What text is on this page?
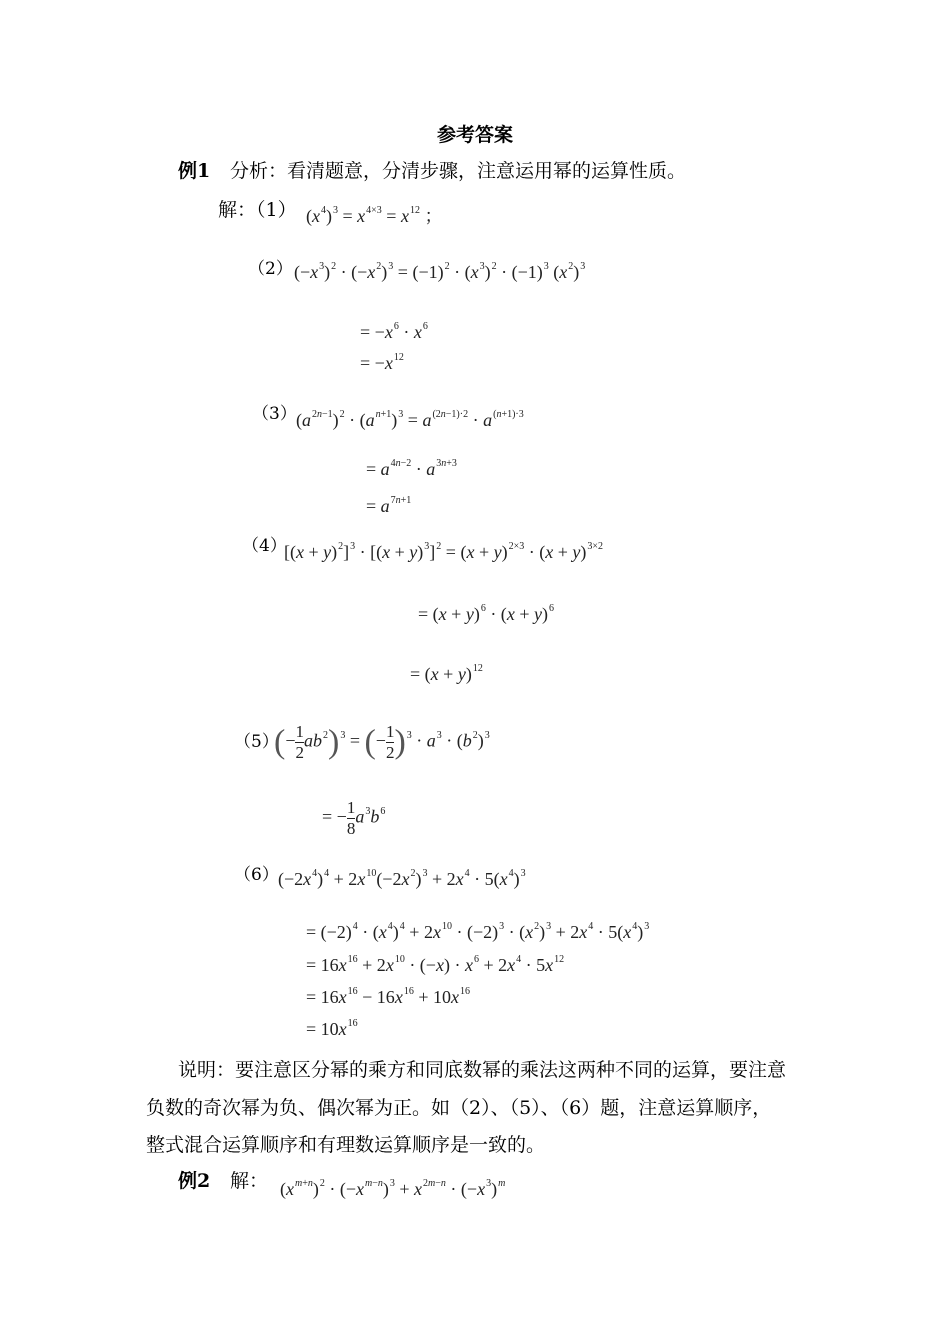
参考答案
例1 分析：看清题意，分清步骤，注意运用幂的运算性质。
解：（1） $(x^4)^3 = x^{4\times 3} = x^{12}$ ；
（2） $(-x^3)^2 \cdot (-x^2)^3 = (-1)^2 \cdot (x^3)^2 \cdot (-1)^3$ $(x^2)^3$
= $-x^6 \cdot x^6$
= $-x^{12}$
（3） $(a^{2n-1})^2 \cdot (a^{n+1})^3 = a^{(2n-1)\cdot 2} \cdot a^{(n+1)\cdot 3}$
= $a^{4n-2} \cdot a^{3n+3}$
= $a^{7n+1}$
（4）
$[(x + y)^2]^3 \cdot [(x + y)^3]^2 = (x + y)^{2\times 3} \cdot (x + y)^{3\times 2}$
= $(x + y)^6 \cdot (x + y)^6$
= $(x + y)^{12}$
（5）
(− $\frac{1}{2} ab^2)^3$ = (− $\frac{1}{2} )^3 \cdot a^3 \cdot (b^2)^3$
= − $\frac{1}{8} a^3b^6$
（6） $(-2x^4)^4 + 2x^{10}(-2x^2)^3 + 2x^4 \cdot 5(x^4)^3$
= $(-2)^4 \cdot (x^4)^4 + 2x^{10} \cdot (-2)^3 \cdot (x^2)^3 + 2x^4 \cdot 5(x^4)^3$
= $16x^{16} + 2x^{10} \cdot (-x) \cdot x^6 + 2x^4 \cdot 5x^{12}$
= $16x^{16} - 16x^{16} + 10x^{16}$
= $10x^{16}$
说明：要注意区分幂的乘方和同底数幂的乘法这两种不同的运算，要注意
负数的奇次幂为负、偶次幂为正。如（2）、（5）、（6）题，注意运算顺序，
整式混合运算顺序和有理数运算顺序是一致的。
例2 解： $(x^{m+n})^2 \cdot (-x^{m-n})^3 + x^{2m-n} \cdot (-x^3)^m$
